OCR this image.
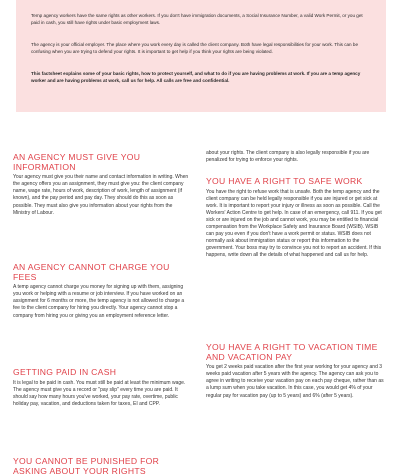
Temp agency workers have the same rights as other workers. If you don't have immigration documents, a Social Insurance Number, a valid Work Permit, or you get paid in cash, you still have rights under basic employment laws.

The agency is your official employer. The place where you work every day is called the client company. Both have legal responsibilities for your work. This can be confusing when you are trying to defend your rights. It is important to get help if you think your rights are being violated.

This factsheet explains some of your basic rights, how to protect yourself, and what to do if you are having problems at work. If you are a temp agency worker and are having problems at work, call us for help. All calls are free and confidential.

AN AGENCY MUST GIVE YOU INFORMATION

Your agency must give you their name and contact information in writing. When the agency offers you an assignment, they must give you: the client company name, wage rate, hours of work, description of work, length of assignment (if known), and the pay period and pay day. They should do this as soon as possible. They must also give you information about your rights from the Ministry of Labour.

AN AGENCY CANNOT CHARGE YOU FEES

A temp agency cannot charge you money for signing up with them, assigning you work or helping with a resume or job interview. If you have worked on an assignment for 6 months or more, the temp agency is not allowed to charge a fee to the client company for hiring you directly. Your agency cannot stop a company from hiring you or giving you an employment reference letter.

GETTING PAID IN CASH

It is legal to be paid in cash. You must still be paid at least the minimum wage. The agency must give you a record or "pay slip" every time you are paid. It should say how many hours you've worked, your pay rate, overtime, public holiday pay, vacation, and deductions taken for taxes, EI and CPP.

YOU CANNOT BE PUNISHED FOR ASKING ABOUT YOUR RIGHTS

about your rights. The client company is also legally responsible if you are penalized for trying to enforce your rights.

YOU HAVE A RIGHT TO SAFE WORK

You have the right to refuse work that is unsafe. Both the temp agency and the client company can be held legally responsible if you are injured or get sick at work. It is important to report your injury or illness as soon as possible. Call the Workers' Action Centre to get help. In case of an emergency, call 911. If you get sick or are injured on the job and cannot work, you may be entitled to financial compensation from the Workplace Safety and Insurance Board (WSIB). WSIB can pay you even if you don't have a work permit or status. WSIB does not normally ask about immigration status or report this information to the government. Your boss may try to convince you not to report an accident. If this happens, write down all the details of what happened and call us for help.

YOU HAVE A RIGHT TO VACATION TIME AND VACATION PAY

You get 2 weeks paid vacation after the first year working for your agency and 3 weeks paid vacation after 5 years with the agency. The agency can ask you to agree in writing to receive your vacation pay on each pay cheque, rather than as a lump sum when you take vacation. In this case, you would get 4% of your regular pay for vacation pay (up to 5 years) and 6% (after 5 years).
